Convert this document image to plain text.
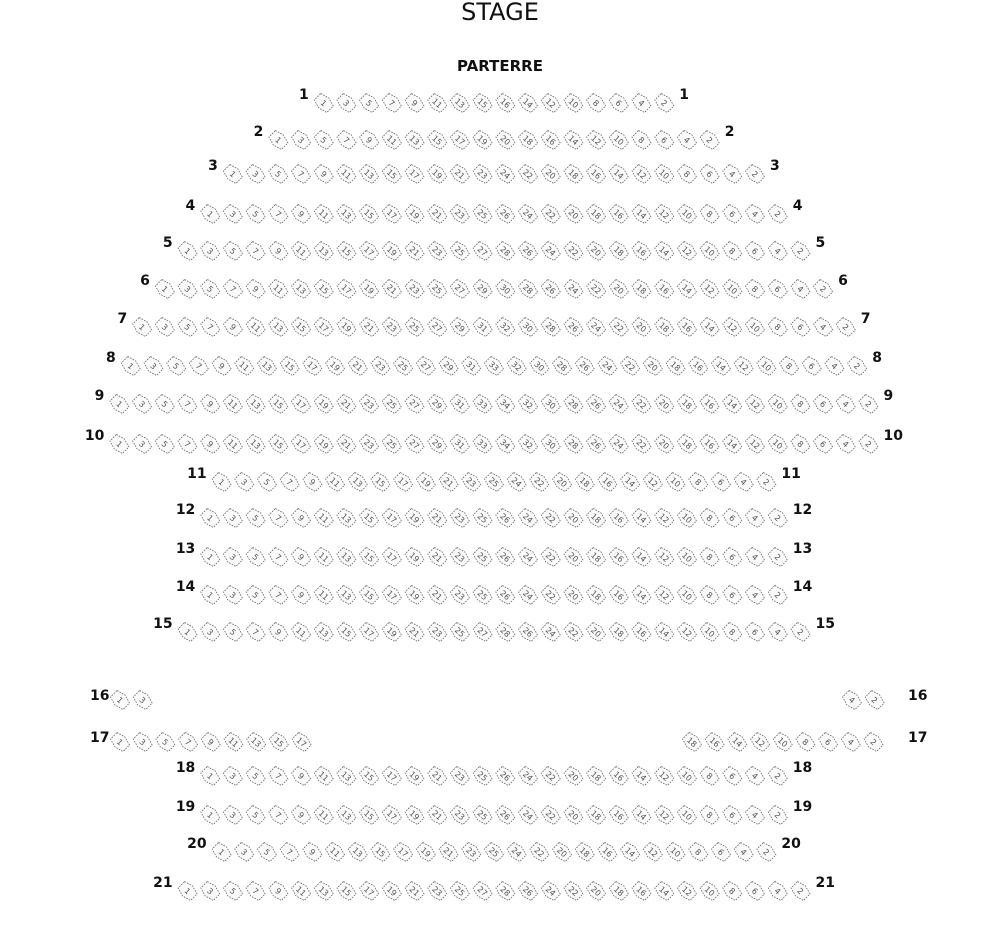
STAGE
PARTERRE
1 3 5 7 9 11 13 15 16 14 12 10 8 6 4 2
1	1
1 3 5 7 9 11 13 15 17 19 20 18 16 14 12 10 8 6 4 2
2	2
1 3 5 7 9 11 13 15 17 19 21 23 24 22 20 18 16 14 12 10 8 6 4 2
3	3
1 3 5 7 9 11 13 15 17 19 21 23 25 26 24 22 20 18 16 14 12 10 8 6 4 2
4	4
1 3 5 7 9 11 13 15 17 19 21 23 25 27 28 26 24 22 20 18 16 14 12 10 8 6 4 2
5	5
1 3 5 7 9 11 13 15 17 19 21 23 25 27 29 30 28 26 24 22 20 18 16 14 12 10 8 6 4 2
6	6
1 3 5 7 9 11 13 15 17 19 21 23 25 27 29 31 32 30 28 26 24 22 20 18 16 14 12 10 8 6 4 2
7	7
1 3 5 7 9 11 13 15 17 19 21 23 25 27 29 31 33 32 30 28 26 24 22 20 18 16 14 12 10 8 6 4 2
8	8
1 3 5 7 9 11 13 15 17 19 21 23 25 27 29 31 33 34 32 30 28 26 24 22 20 18 16 14 12 10 8 6 4 2
9	9
1 3 5 7 9 11 13 15 17 19 21 23 25 27 29 31 33 34 32 30 28 26 24 22 20 18 16 14 12 10 8 6 4 2
10	10
1 3 5 7 9 11 13 15 17 19 21 23 25 24 22 20 18 16 14 12 10 8 6 4 2
11	11
1 3 5 7 9 11 13 15 17 19 21 23 25 26 24 22 20 18 16 14 12 10 8 6 4 2
12	12
1 3 5 7 9 11 13 15 17 19 21 23 25 26 24 22 20 18 16 14 12 10 8 6 4 2
13	13
1 3 5 7 9 11 13 15 17 19 21 23 25 26 24 22 20 18 16 14 12 10 8 6 4 2
14	14
1 3 5 7 9 11 13 15 17 19 21 23 25 27 28 26 24 22 20 18 16 14 12 10 8 6 4 2
15	15
1 3	4 2
16	16
1 3 5 7 9 11 13 15 17	18 16 14 12 10 8 6 4 2
17	17
1 3 5 7 9 11 13 15 17 19 21 23 25 26 24 22 20 18 16 14 12 10 8 6 4 2
18	18
1 3 5 7 9 11 13 15 17 19 21 23 25 26 24 22 20 18 16 14 12 10 8 6 4 2
19	19
1 3 5 7 9 11 13 15 17 19 21 23 25 24 22 20 18 16 14 12 10 8 6 4 2
20	20
1 3 5 7 9 11 13 15 17 19 21 23 25 27 28 26 24 22 20 18 16 14 12 10 8 6 4 2
21	21
